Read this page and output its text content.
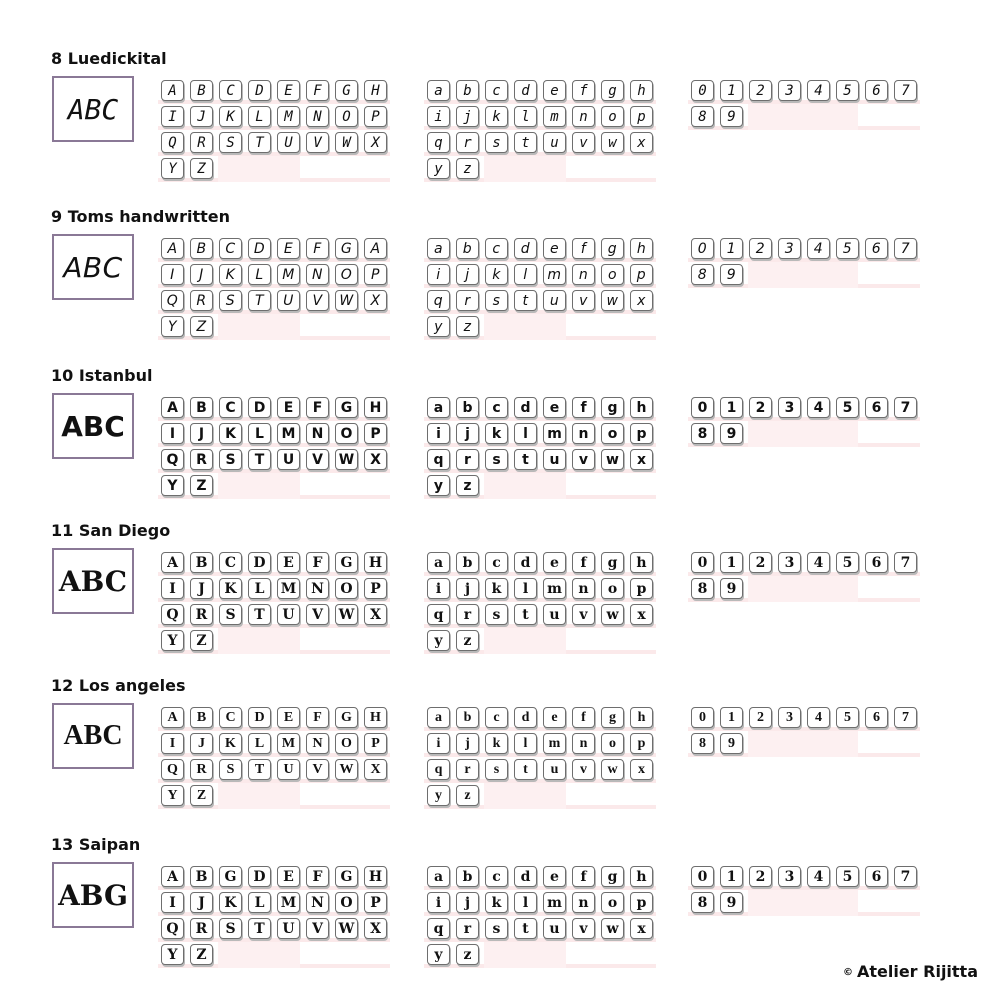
8 Luedickital
ABC
A	B	C	D	E	F	G	H
I	J	K	L	M	N	O	P
Q	R	S	T	U	V	W	X
Y	Z
a	b	c	d	e	f	g	h
i	j	k	l	m	n	o	p
q	r	s	t	u	v	w	x
y	z
0	1	2	3	4	5	6	7
8	9
9 Toms handwritten
ABC
A	B	C	D	E	F	G	A
I	J	K	L	M	N	O	P
Q	R	S	T	U	V	W	X
Y	Z
a	b	c	d	e	f	g	h
i	j	k	l	m	n	o	p
q	r	s	t	u	v	w	x
y	z
0	1	2	3	4	5	6	7
8	9
10 Istanbul
ABC
A	B	C	D	E	F	G	H
I	J	K	L	M	N	O	P
Q	R	S	T	U	V	W	X
Y	Z
a	b	c	d	e	f	g	h
i	j	k	l	m	n	o	p
q	r	s	t	u	v	w	x
y	z
0	1	2	3	4	5	6	7
8	9
11 San Diego
ABC
A	B	C	D	E	F	G	H
I	J	K	L	M	N	O	P
Q	R	S	T	U	V	W	X
Y	Z
a	b	c	d	e	f	g	h
i	j	k	l	m	n	o	p
q	r	s	t	u	v	w	x
y	z
0	1	2	3	4	5	6	7
8	9
12 Los angeles
ABC
A	B	C	D	E	F	G	H
I	J	K	L	M	N	O	P
Q	R	S	T	U	V	W	X
Y	Z
a	b	c	d	e	f	g	h
i	j	k	l	m	n	o	p
q	r	s	t	u	v	w	x
y	z
0	1	2	3	4	5	6	7
8	9
13 Saipan
ABG
A	B	G	D	E	F	G	H
I	J	K	L	M	N	O	P
Q	R	S	T	U	V	W	X
Y	Z
a	b	c	d	e	f	g	h
i	j	k	l	m	n	o	p
q	r	s	t	u	v	w	x
y	z
0	1	2	3	4	5	6	7
8	9
© Atelier Rijitta
